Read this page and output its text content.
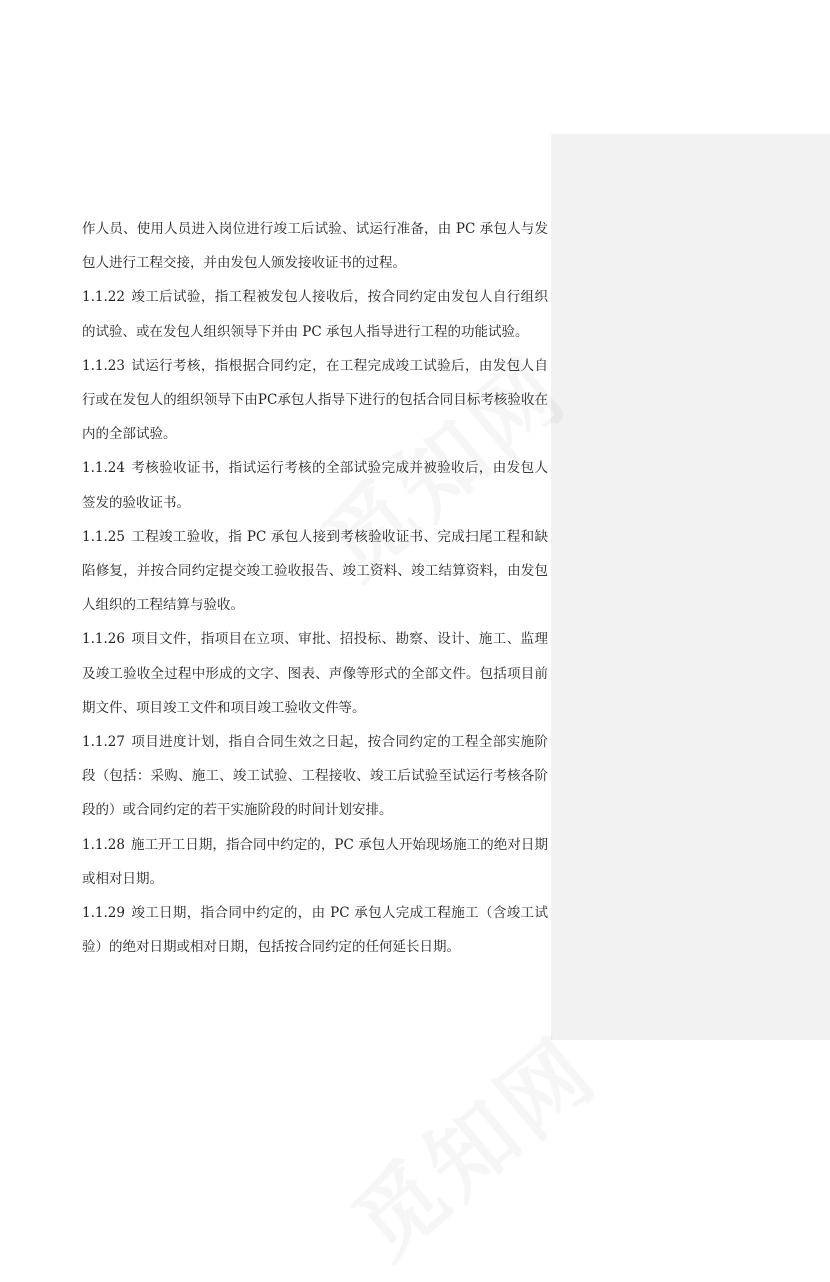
作人员、使用人员进入岗位进行竣工后试验、试运行准备，由 PC 承包人与发包人进行工程交接，并由发包人颁发接收证书的过程。

1.1.22 竣工后试验，指工程被发包人接收后，按合同约定由发包人自行组织的试验、或在发包人组织领导下并由 PC 承包人指导进行工程的功能试验。

1.1.23 试运行考核，指根据合同约定，在工程完成竣工试验后，由发包人自行或在发包人的组织领导下由PC承包人指导下进行的包括合同目标考核验收在内的全部试验。

1.1.24 考核验收证书，指试运行考核的全部试验完成并被验收后，由发包人签发的验收证书。

1.1.25 工程竣工验收，指 PC 承包人接到考核验收证书、完成扫尾工程和缺陷修复，并按合同约定提交竣工验收报告、竣工资料、竣工结算资料，由发包人组织的工程结算与验收。

1.1.26 项目文件，指项目在立项、审批、招投标、勘察、设计、施工、监理及竣工验收全过程中形成的文字、图表、声像等形式的全部文件。包括项目前期文件、项目竣工文件和项目竣工验收文件等。

1.1.27 项目进度计划，指自合同生效之日起，按合同约定的工程全部实施阶段（包括：采购、施工、竣工试验、工程接收、竣工后试验至试运行考核各阶段的）或合同约定的若干实施阶段的时间计划安排。

1.1.28 施工开工日期，指合同中约定的，PC 承包人开始现场施工的绝对日期或相对日期。

1.1.29 竣工日期，指合同中约定的，由 PC 承包人完成工程施工（含竣工试验）的绝对日期或相对日期，包括按合同约定的任何延长日期。
